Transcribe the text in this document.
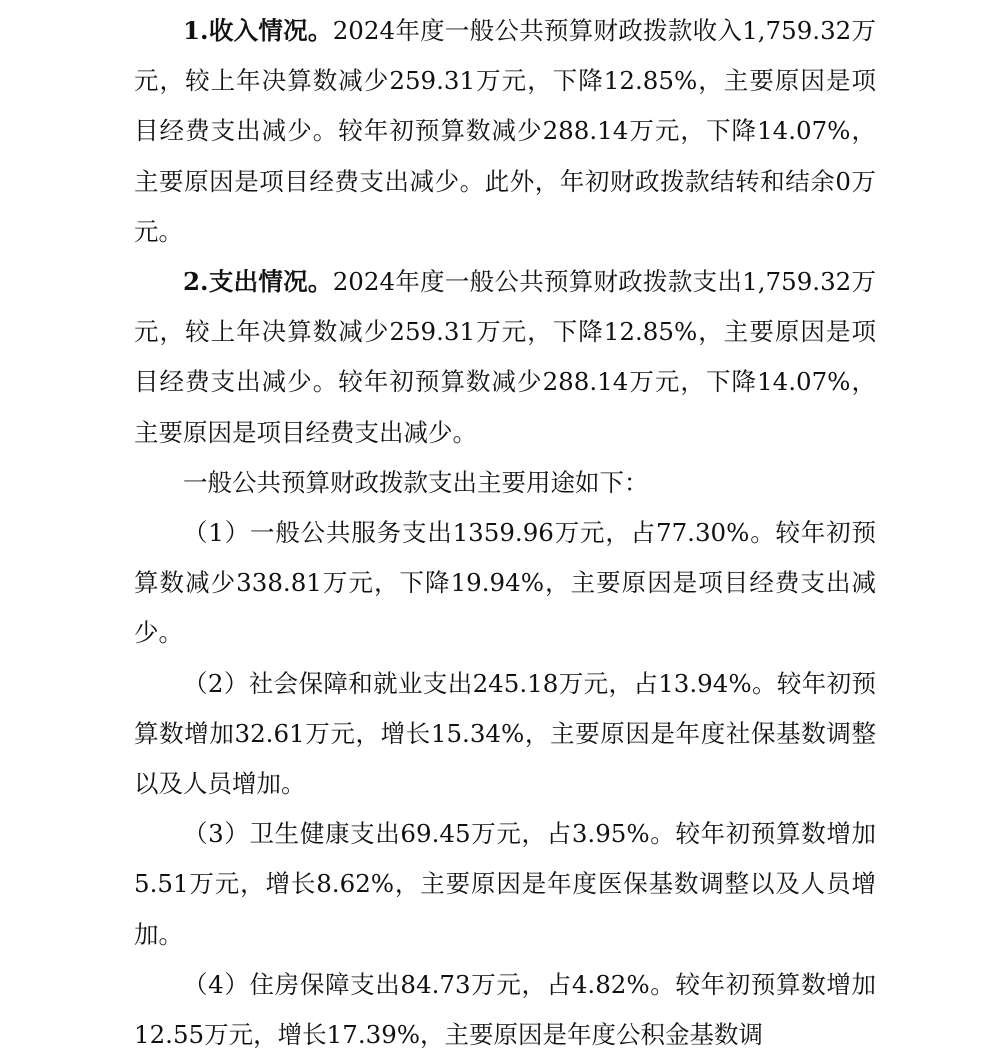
1.收入情况。2024年度一般公共预算财政拨款收入1,759.32万元，较上年决算数减少259.31万元，下降12.85%，主要原因是项目经费支出减少。较年初预算数减少288.14万元，下降14.07%，主要原因是项目经费支出减少。此外，年初财政拨款结转和结余0万元。

2.支出情况。2024年度一般公共预算财政拨款支出1,759.32万元，较上年决算数减少259.31万元，下降12.85%，主要原因是项目经费支出减少。较年初预算数减少288.14万元，下降14.07%，主要原因是项目经费支出减少。

一般公共预算财政拨款支出主要用途如下：

（1）一般公共服务支出1359.96万元，占77.30%。较年初预算数减少338.81万元，下降19.94%，主要原因是项目经费支出减少。

（2）社会保障和就业支出245.18万元，占13.94%。较年初预算数增加32.61万元，增长15.34%，主要原因是年度社保基数调整以及人员增加。

（3）卫生健康支出69.45万元，占3.95%。较年初预算数增加5.51万元，增长8.62%，主要原因是年度医保基数调整以及人员增加。

（4）住房保障支出84.73万元，占4.82%。较年初预算数增加12.55万元，增长17.39%，主要原因是年度公积金基数调
